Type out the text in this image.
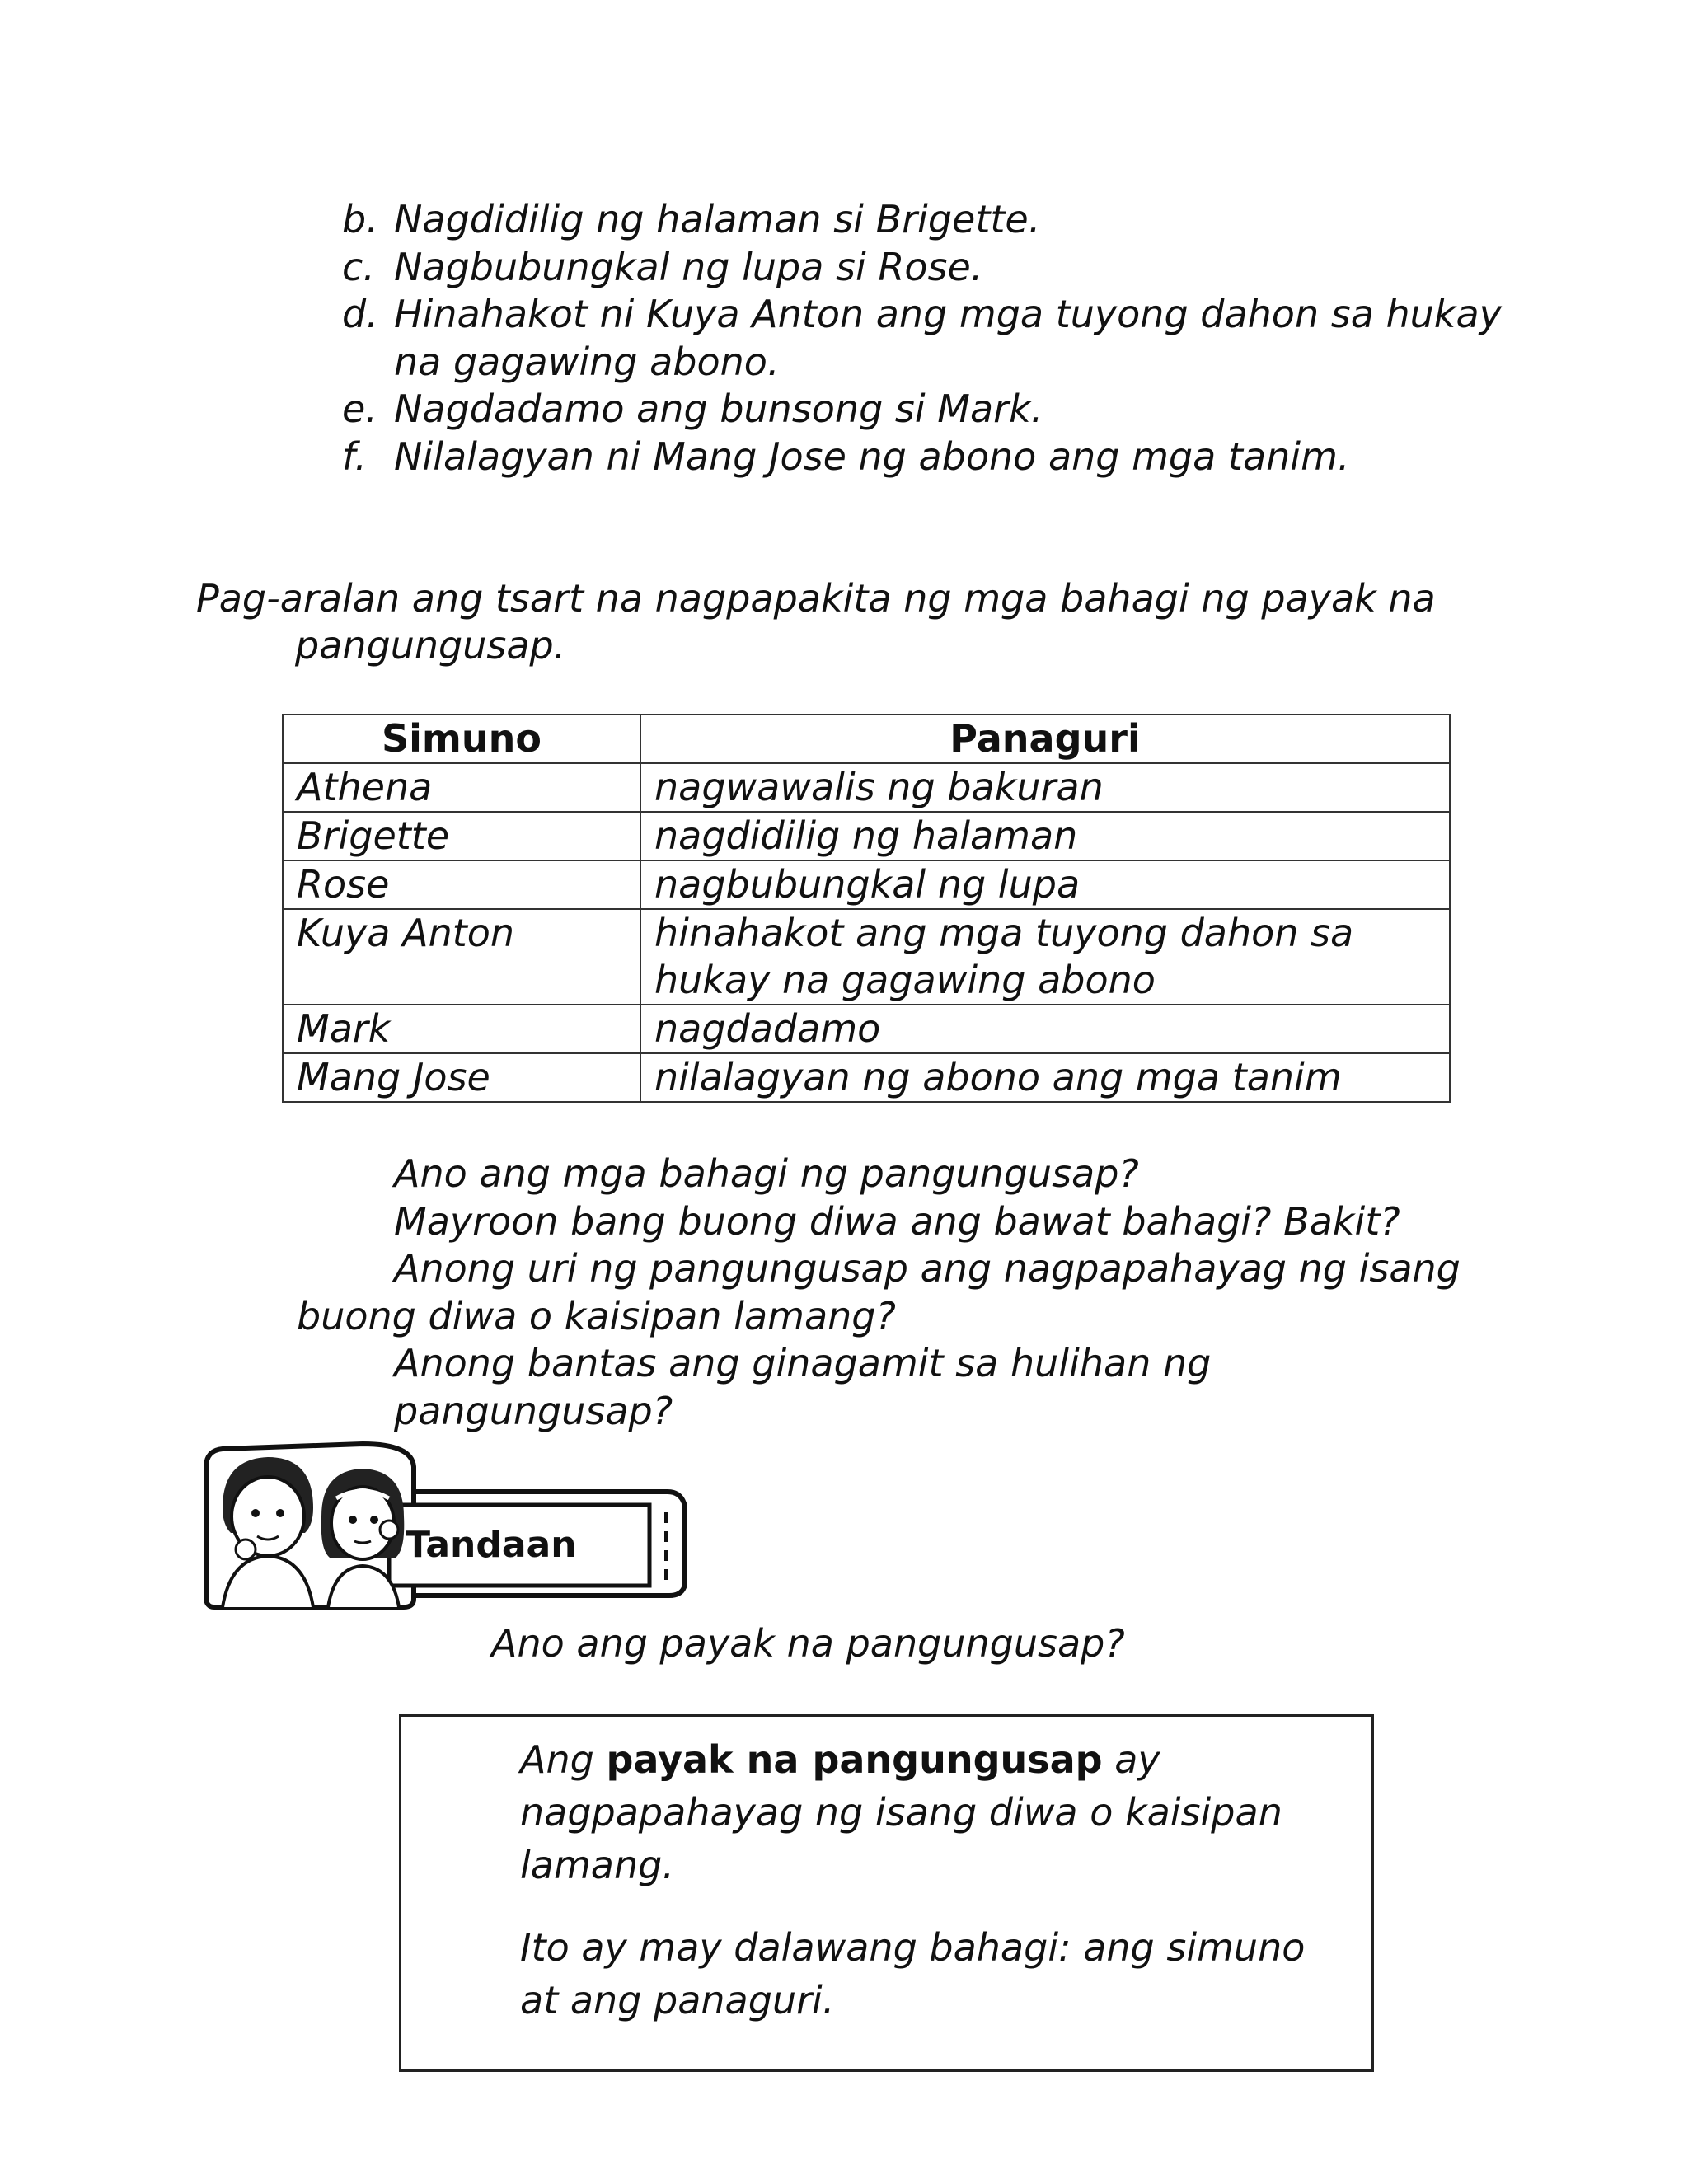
b. Nagdidilig ng halaman si Brigette.
c. Nagbubungkal ng lupa si Rose.
d. Hinahakot ni Kuya Anton ang mga tuyong dahon sa hukay na gagawing abono.
e. Nagdadamo ang bunsong si Mark.
f. Nilalagyan ni Mang Jose ng abono ang mga tanim.
Pag-aralan ang tsart na nagpapakita ng mga bahagi ng payak na
pangungusap.
Simuno	Panaguri
Athena	nagwawalis ng bakuran
Brigette	nagdidilig ng halaman
Rose	nagbubungkal ng lupa
Kuya Anton	hinahakot ang mga tuyong dahon sa hukay na gagawing abono
Mark	nagdadamo
Mang Jose	nilalagyan ng abono ang mga tanim
Ano ang mga bahagi ng pangungusap?
Mayroon bang buong diwa ang bawat bahagi? Bakit?
Anong uri ng pangungusap ang nagpapahayag ng isang
buong diwa o kaisipan lamang?
Anong bantas ang ginagamit sa hulihan ng pangungusap?
Tandaan
Ano ang payak na pangungusap?

Ang payak na pangungusap ay nagpapahayag ng isang diwa o kaisipan lamang.

Ito ay may dalawang bahagi: ang simuno at ang panaguri.
